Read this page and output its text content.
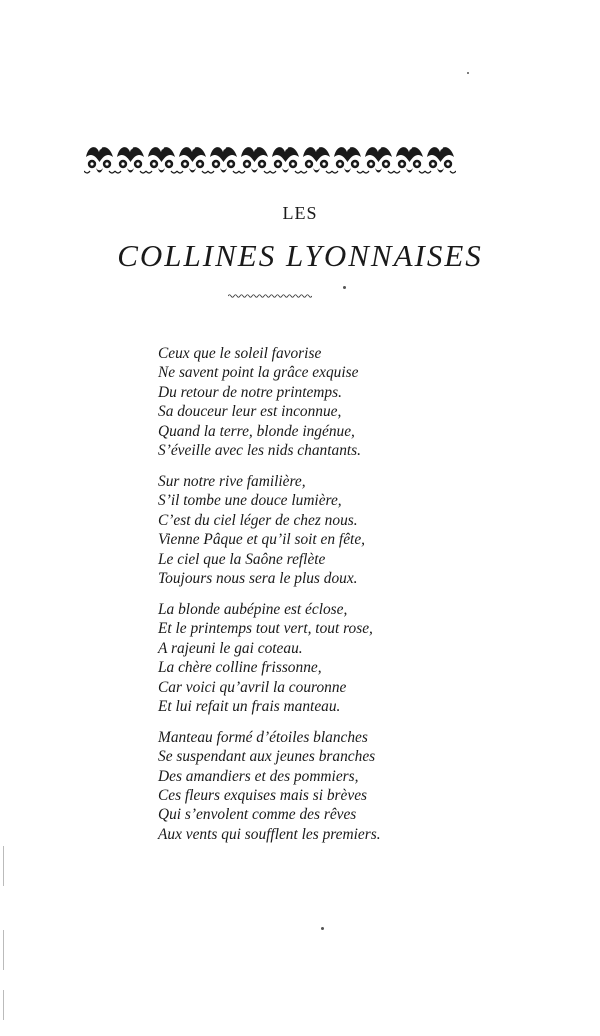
LES
COLLINES LYONNAISES
Ceux que le soleil favorise
Ne savent point la grâce exquise
Du retour de notre printemps.
Sa douceur leur est inconnue,
Quand la terre, blonde ingénue,
S’éveille avec les nids chantants.
Sur notre rive familière,
S’il tombe une douce lumière,
C’est du ciel léger de chez nous.
Vienne Pâque et qu’il soit en fête,
Le ciel que la Saône reflète
Toujours nous sera le plus doux.
La blonde aubépine est éclose,
Et le printemps tout vert, tout rose,
A rajeuni le gai coteau.
La chère colline frissonne,
Car voici qu’avril la couronne
Et lui refait un frais manteau.
Manteau formé d’étoiles blanches
Se suspendant aux jeunes branches
Des amandiers et des pommiers,
Ces fleurs exquises mais si brèves
Qui s’envolent comme des rêves
Aux vents qui soufflent les premiers.
